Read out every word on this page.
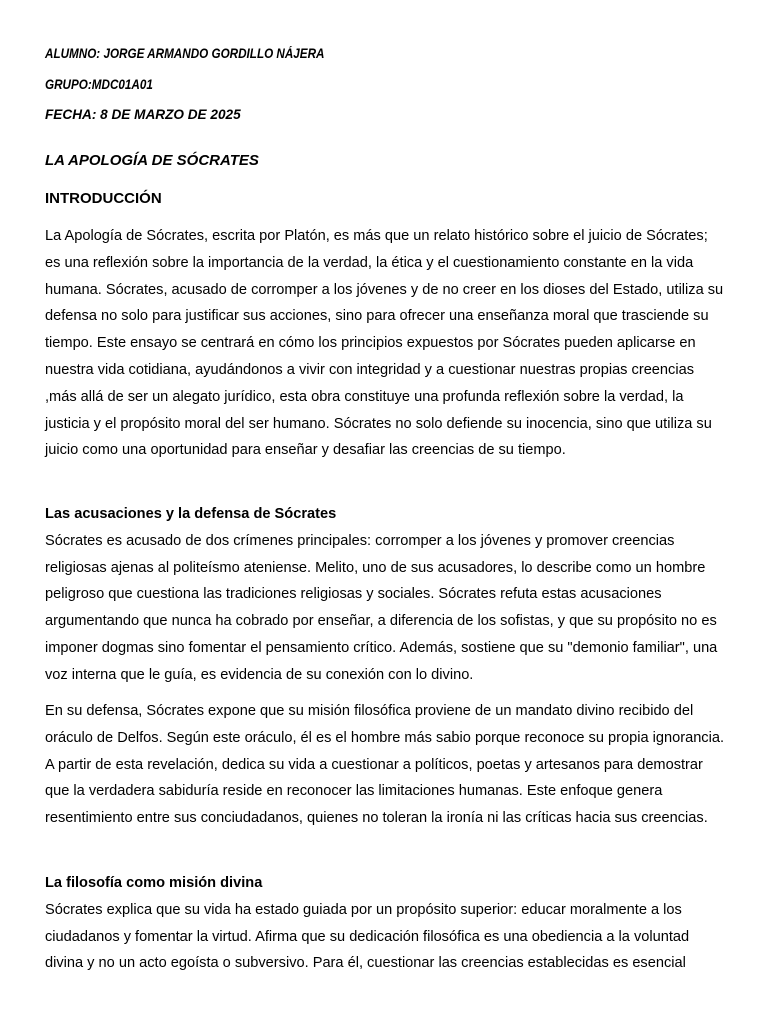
ALUMNO: JORGE ARMANDO GORDILLO NÁJERA

GRUPO:MDC01A01

FECHA: 8 DE MARZO DE 2025

LA APOLOGÍA DE SÓCRATES
INTRODUCCIÓN

La Apología de Sócrates, escrita por Platón, es más que un relato histórico sobre el juicio de Sócrates; es una reflexión sobre la importancia de la verdad, la ética y el cuestionamiento constante en la vida humana. Sócrates, acusado de corromper a los jóvenes y de no creer en los dioses del Estado, utiliza su defensa no solo para justificar sus acciones, sino para ofrecer una enseñanza moral que trasciende su tiempo. Este ensayo se centrará en cómo los principios expuestos por Sócrates pueden aplicarse en nuestra vida cotidiana, ayudándonos a vivir con integridad y a cuestionar nuestras propias creencias ,más allá de ser un alegato jurídico, esta obra constituye una profunda reflexión sobre la verdad, la justicia y el propósito moral del ser humano. Sócrates no solo defiende su inocencia, sino que utiliza su juicio como una oportunidad para enseñar y desafiar las creencias de su tiempo.

Las acusaciones y la defensa de Sócrates
Sócrates es acusado de dos crímenes principales: corromper a los jóvenes y promover creencias religiosas ajenas al politeísmo ateniense. Melito, uno de sus acusadores, lo describe como un hombre peligroso que cuestiona las tradiciones religiosas y sociales. Sócrates refuta estas acusaciones argumentando que nunca ha cobrado por enseñar, a diferencia de los sofistas, y que su propósito no es imponer dogmas sino fomentar el pensamiento crítico. Además, sostiene que su "demonio familiar", una voz interna que le guía, es evidencia de su conexión con lo divino.

En su defensa, Sócrates expone que su misión filosófica proviene de un mandato divino recibido del oráculo de Delfos. Según este oráculo, él es el hombre más sabio porque reconoce su propia ignorancia. A partir de esta revelación, dedica su vida a cuestionar a políticos, poetas y artesanos para demostrar que la verdadera sabiduría reside en reconocer las limitaciones humanas. Este enfoque genera resentimiento entre sus conciudadanos, quienes no toleran la ironía ni las críticas hacia sus creencias.

La filosofía como misión divina
Sócrates explica que su vida ha estado guiada por un propósito superior: educar moralmente a los ciudadanos y fomentar la virtud. Afirma que su dedicación filosófica es una obediencia a la voluntad divina y no un acto egoísta o subversivo. Para él, cuestionar las creencias establecidas es esencial
